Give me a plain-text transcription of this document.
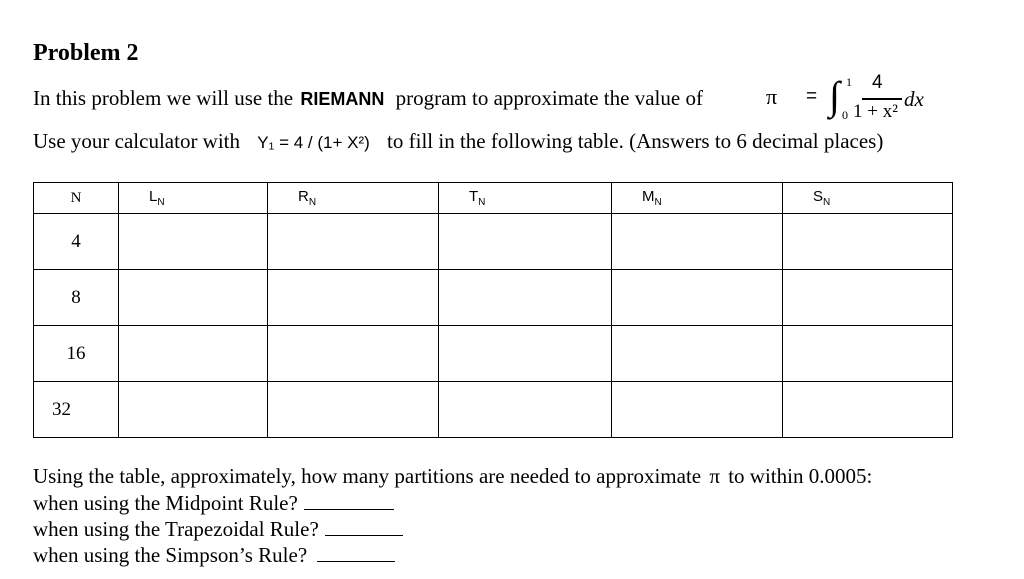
Problem 2
In this problem we will use the RIEMANN program to approximate the value of	π = ∫ 1
0
4
1 + x²
dx
Use your calculator with Y₁ = 4 / (1+ X²) to fill in the following table. (Answers to 6 decimal places)
N	$L_N$	$R_N$	$T_N$	$M_N$	$S_N$
4					
8					
16					
32					
Using the table, approximately, how many partitions are needed to approximate π to within 0.0005:
when using the Midpoint Rule?
when using the Trapezoidal Rule?
when using the Simpson’s Rule?
